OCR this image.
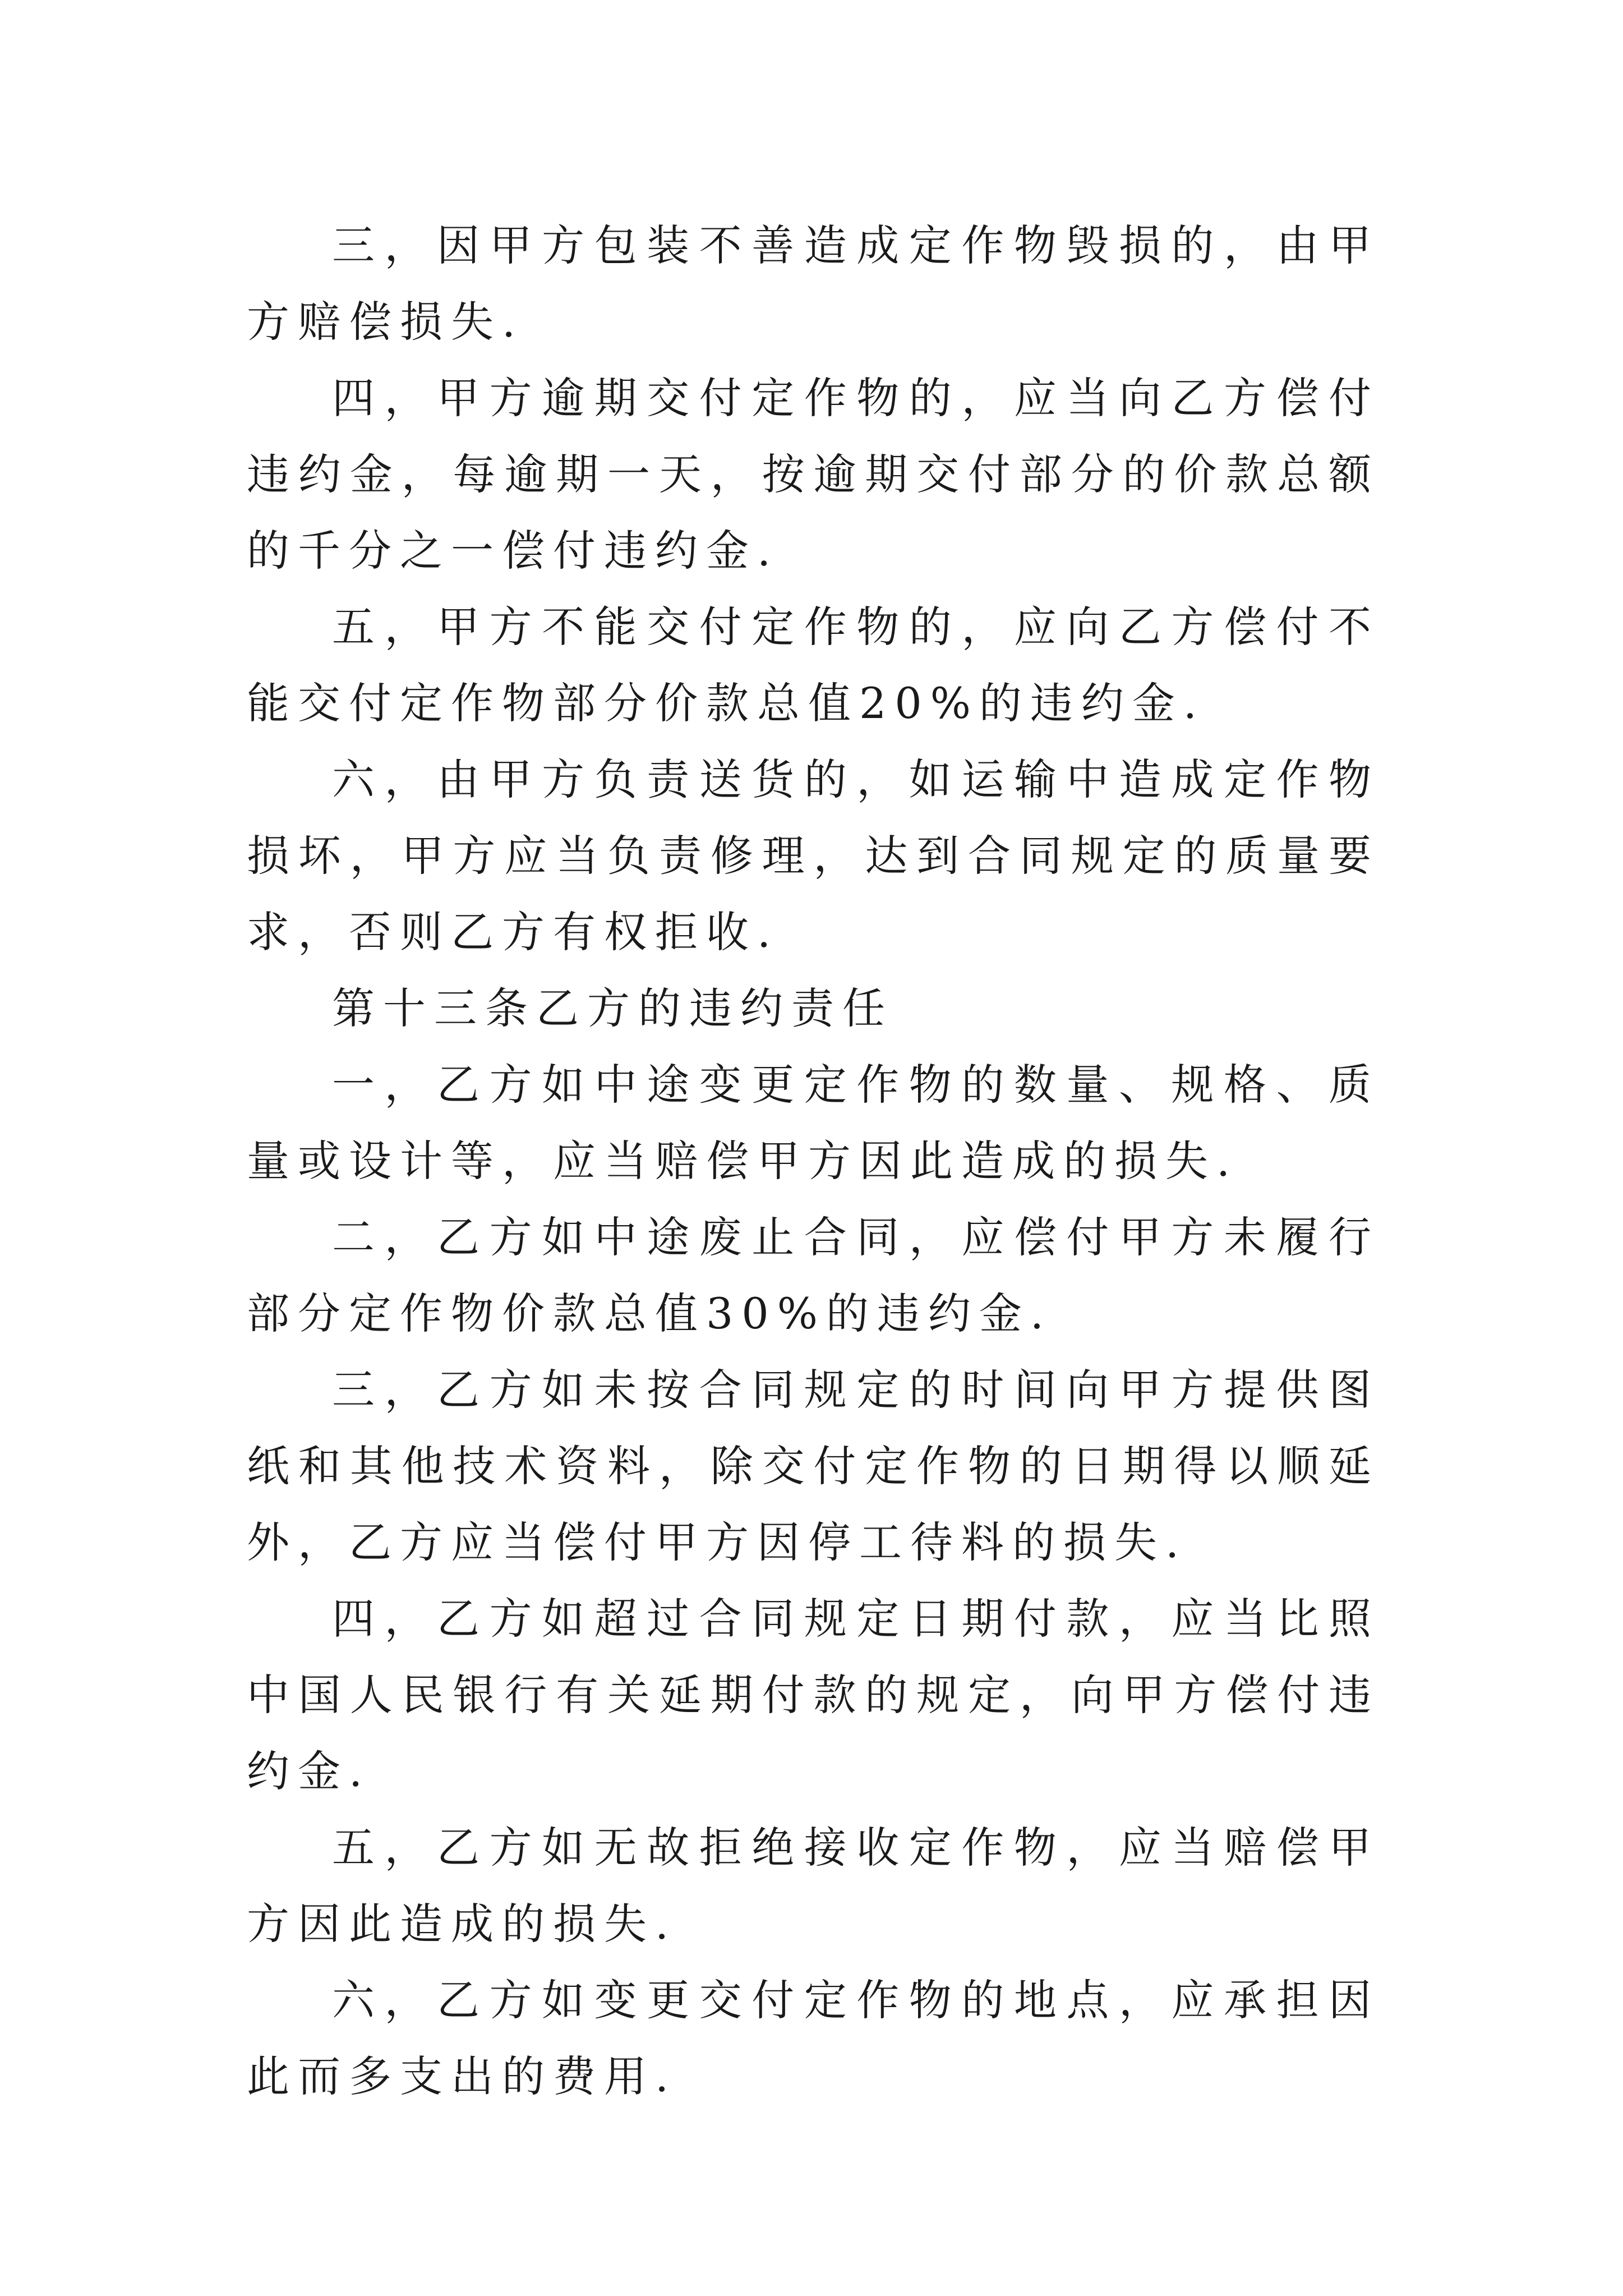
三，因甲方包装不善造成定作物毁损的，由甲方赔偿损失.

四，甲方逾期交付定作物的，应当向乙方偿付违约金，每逾期一天，按逾期交付部分的价款总额的千分之一偿付违约金.

五，甲方不能交付定作物的，应向乙方偿付不能交付定作物部分价款总值20%的违约金.

六，由甲方负责送货的，如运输中造成定作物损坏，甲方应当负责修理，达到合同规定的质量要求，否则乙方有权拒收.

第十三条乙方的违约责任

一，乙方如中途变更定作物的数量、规格、质量或设计等，应当赔偿甲方因此造成的损失.

二，乙方如中途废止合同，应偿付甲方未履行部分定作物价款总值30%的违约金.

三，乙方如未按合同规定的时间向甲方提供图纸和其他技术资料，除交付定作物的日期得以顺延外，乙方应当偿付甲方因停工待料的损失.

四，乙方如超过合同规定日期付款，应当比照中国人民银行有关延期付款的规定，向甲方偿付违约金.

五，乙方如无故拒绝接收定作物，应当赔偿甲方因此造成的损失.

六，乙方如变更交付定作物的地点，应承担因此而多支出的费用.
